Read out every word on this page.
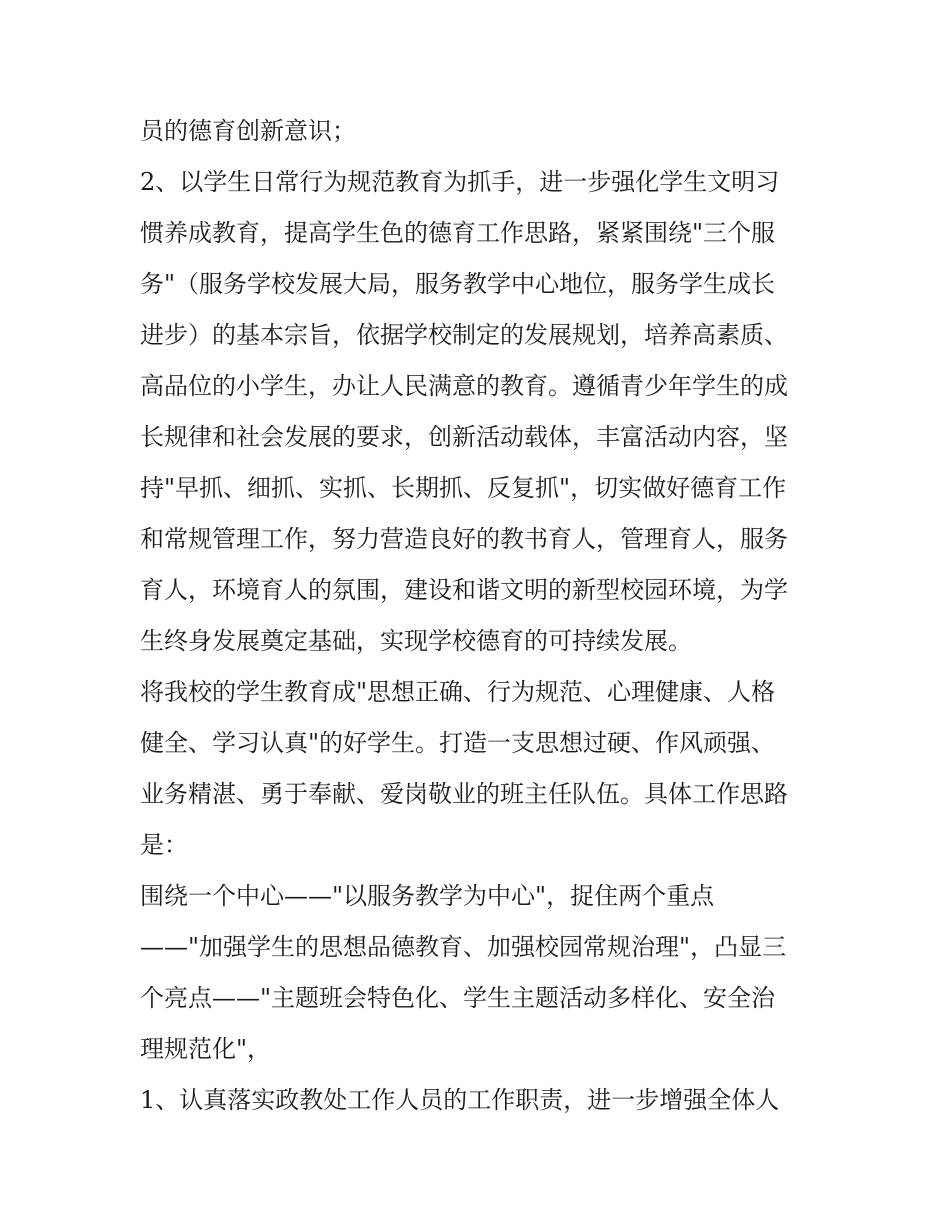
员的德育创新意识；
2、以学生日常行为规范教育为抓手，进一步强化学生文明习
惯养成教育，提高学生色的德育工作思路，紧紧围绕"三个服
务"（服务学校发展大局，服务教学中心地位，服务学生成长
进步）的基本宗旨，依据学校制定的发展规划，培养高素质、
高品位的小学生，办让人民满意的教育。遵循青少年学生的成
长规律和社会发展的要求，创新活动载体，丰富活动内容，坚
持"早抓、细抓、实抓、长期抓、反复抓"，切实做好德育工作
和常规管理工作，努力营造良好的教书育人，管理育人，服务
育人，环境育人的氛围，建设和谐文明的新型校园环境，为学
生终身发展奠定基础，实现学校德育的可持续发展。
将我校的学生教育成"思想正确、行为规范、心理健康、人格
健全、学习认真"的好学生。打造一支思想过硬、作风顽强、
业务精湛、勇于奉献、爱岗敬业的班主任队伍。具体工作思路
是：
围绕一个中心——"以服务教学为中心"，捉住两个重点
——"加强学生的思想品德教育、加强校园常规治理"，凸显三
个亮点——"主题班会特色化、学生主题活动多样化、安全治
理规范化"，
1、认真落实政教处工作人员的工作职责，进一步增强全体人
